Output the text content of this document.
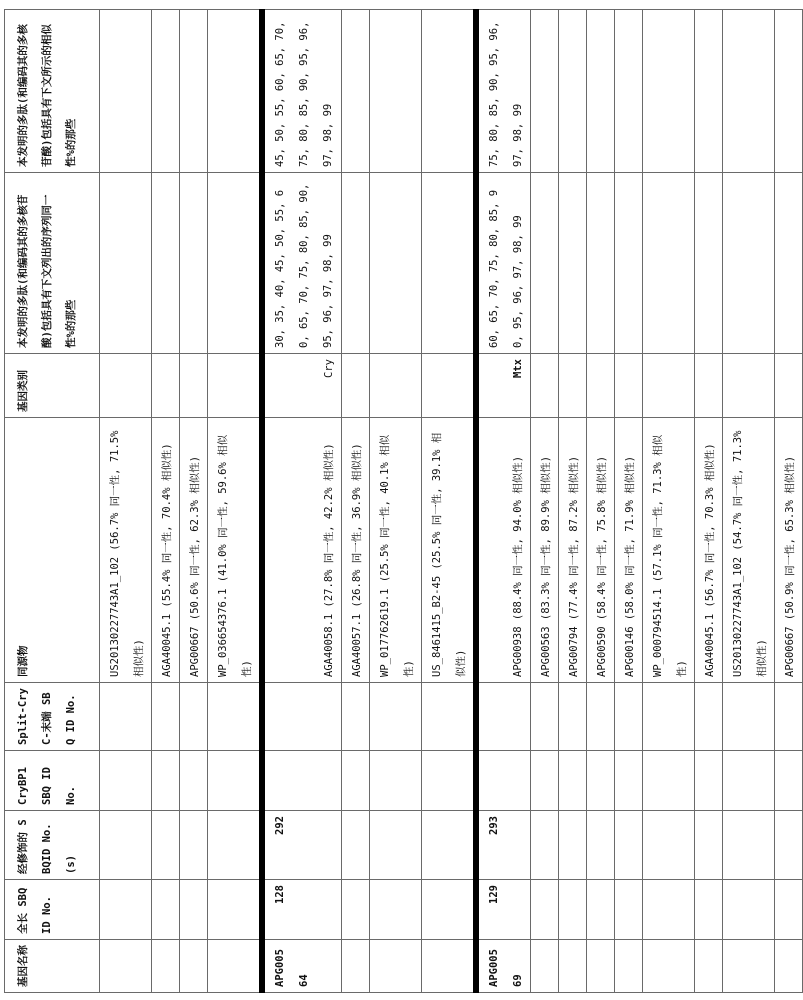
基因名称	全长 SBQ ID No.	经修饰的 SBQID No.(s)	CryBP1 SBQ ID No.	Split-Cry C-末端 SBQ ID No.	同源物	基因类别	本发明的多肽(和编码其的多核苷酸)包括具有下文列出的序列同一性%的那些	本发明的多肽(和编码其的多核苷酸)包括具有下文所示的相似性%的那些
					US20130227743A1_102 (56.7% 同一性, 71.5% 相似性)			
					AGA40045.1 (55.4% 同一性, 70.4% 相似性)			
					APG00667 (50.6% 同一性, 62.3% 相似性)			
					WP_036654376.1 (41.0% 同一性, 59.6% 相似性)			
APG00564	128	292			AGA40058.1 (27.8% 同一性, 42.2% 相似性)	Cry	30, 35, 40, 45, 50, 55, 60, 65, 70, 75, 80, 85, 90, 95, 96, 97, 98, 99	45, 50, 55, 60, 65, 70, 75, 80, 85, 90, 95, 96, 97, 98, 99
					AGA40057.1 (26.8% 同一性, 36.9% 相似性)			
					WP_017762619.1 (25.5% 同一性, 40.1% 相似性)			
					US_8461415_B2-45 (25.5% 同一性, 39.1% 相似性)			
APG00569	129	293			APG00938 (88.4% 同一性, 94.0% 相似性)	Mtx	60, 65, 70, 75, 80, 85, 90, 95, 96, 97, 98, 99	75, 80, 85, 90, 95, 96, 97, 98, 99
					APG00563 (83.3% 同一性, 89.9% 相似性)			
					APG00794 (77.4% 同一性, 87.2% 相似性)			
					APG00590 (58.4% 同一性, 75.8% 相似性)			
					APG00146 (58.0% 同一性, 71.9% 相似性)			
					WP_000794514.1 (57.1% 同一性, 71.3% 相似性)			
					AGA40045.1 (56.7% 同一性, 70.3% 相似性)			
					US20130227743A1_102 (54.7% 同一性, 71.3% 相似性)			
					APG00667 (50.9% 同一性, 65.3% 相似性)			
